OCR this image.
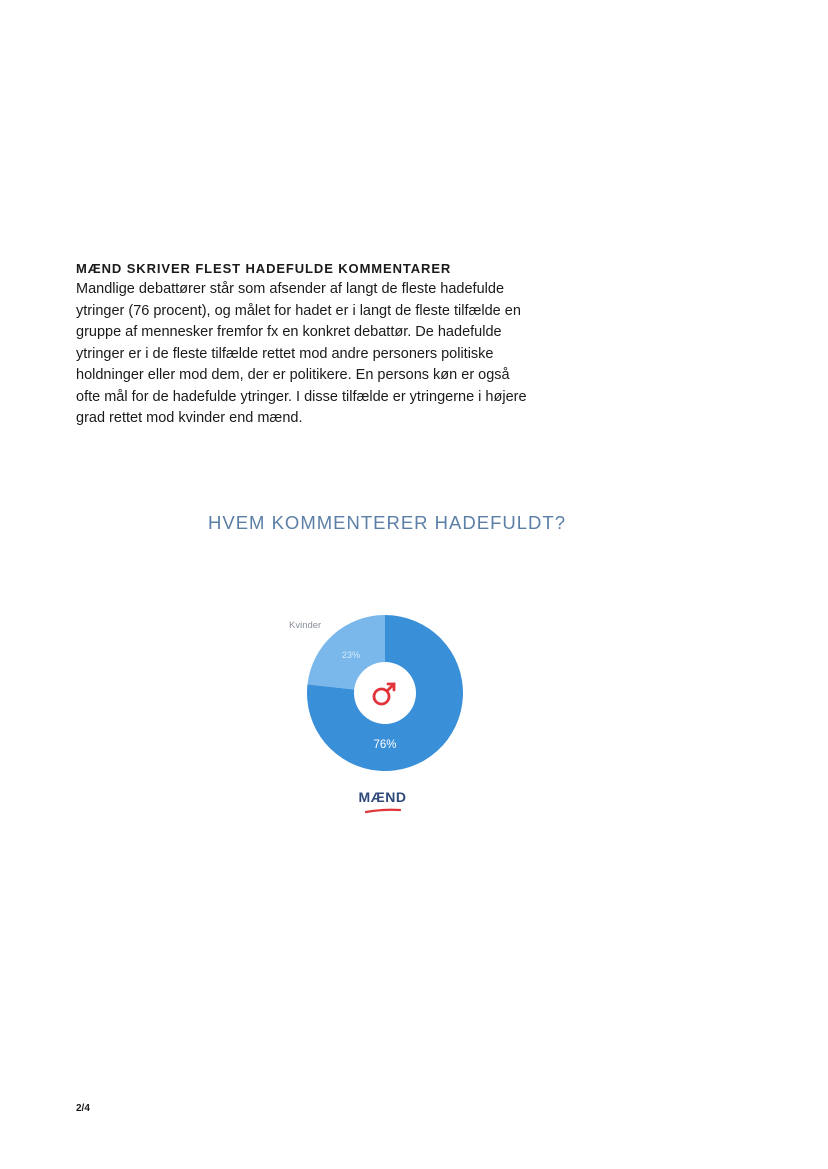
MÆND SKRIVER FLEST HADEFULDE KOMMENTARER

Mandlige debattører står som afsender af langt de fleste hadefulde
ytringer (76 procent), og målet for hadet er i langt de fleste tilfælde en
gruppe af mennesker fremfor fx en konkret debattør. De hadefulde
ytringer er i de fleste tilfælde rettet mod andre personers politiske
holdninger eller mod dem, der er politikere. En persons køn er også
ofte mål for de hadefulde ytringer. I disse tilfælde er ytringerne i højere
grad rettet mod kvinder end mænd.

HVEM KOMMENTERER HADEFULDT?
23%
76%
Kvinder
MÆND
2/4
